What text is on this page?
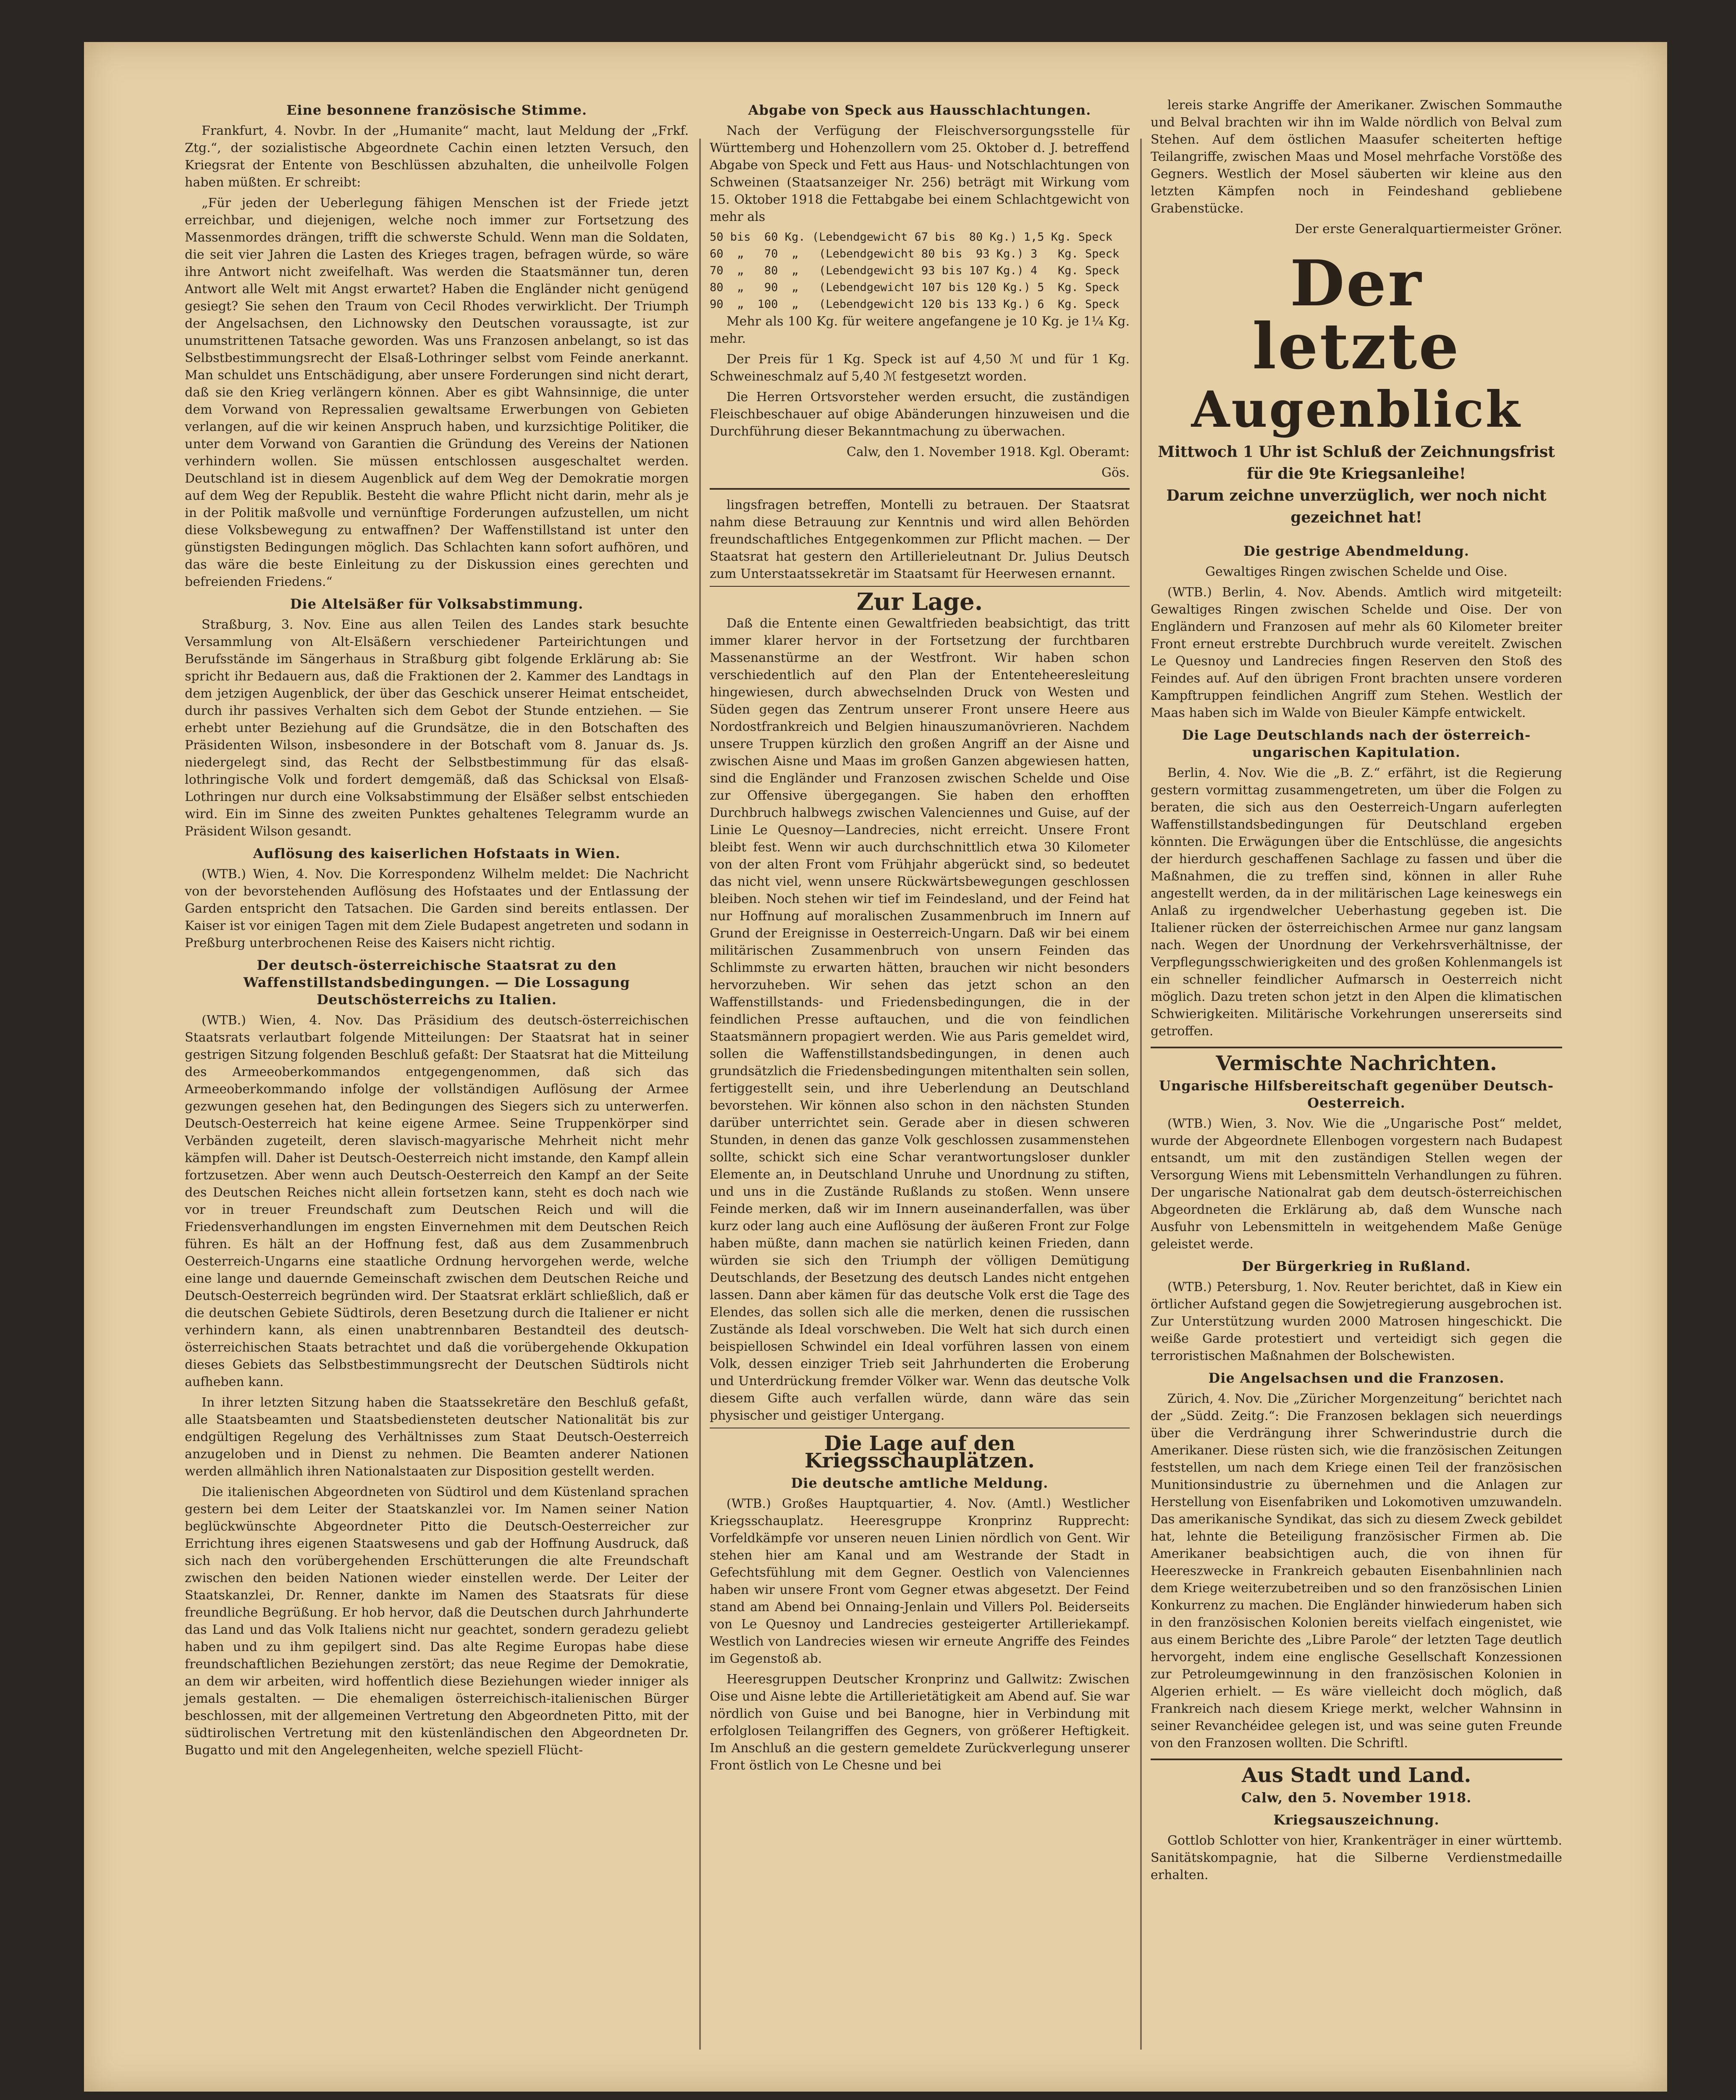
Eine besonnene französische Stimme.

Frankfurt, 4. Novbr. In der „Humanite“ macht, laut Meldung der „Frkf. Ztg.“, der sozialistische Abgeordnete Cachin einen letzten Versuch, den Kriegsrat der Entente von Beschlüssen abzuhalten, die unheilvolle Folgen haben müßten. Er schreibt:

„Für jeden der Ueberlegung fähigen Menschen ist der Friede jetzt erreichbar, und diejenigen, welche noch immer zur Fortsetzung des Massenmordes drängen, trifft die schwerste Schuld. Wenn man die Soldaten, die seit vier Jahren die Lasten des Krieges tragen, befragen würde, so wäre ihre Antwort nicht zweifelhaft. Was werden die Staatsmänner tun, deren Antwort alle Welt mit Angst erwartet? Haben die Engländer nicht genügend gesiegt? Sie sehen den Traum von Cecil Rhodes verwirklicht. Der Triumph der Angelsachsen, den Lichnowsky den Deutschen voraussagte, ist zur unumstrittenen Tatsache geworden. Was uns Franzosen anbelangt, so ist das Selbstbestimmungsrecht der Elsaß-Lothringer selbst vom Feinde anerkannt. Man schuldet uns Entschädigung, aber unsere Forderungen sind nicht derart, daß sie den Krieg verlängern können. Aber es gibt Wahnsinnige, die unter dem Vorwand von Repressalien gewaltsame Erwerbungen von Gebieten verlangen, auf die wir keinen Anspruch haben, und kurzsichtige Politiker, die unter dem Vorwand von Garantien die Gründung des Vereins der Nationen verhindern wollen. Sie müssen entschlossen ausgeschaltet werden. Deutschland ist in diesem Augenblick auf dem Weg der Demokratie morgen auf dem Weg der Republik. Besteht die wahre Pflicht nicht darin, mehr als je in der Politik maßvolle und vernünftige Forderungen aufzustellen, um nicht diese Volksbewegung zu entwaffnen? Der Waffenstillstand ist unter den günstigsten Bedingungen möglich. Das Schlachten kann sofort aufhören, und das wäre die beste Einleitung zu der Diskussion eines gerechten und befreienden Friedens.“

Die Altelsäßer für Volksabstimmung.

Straßburg, 3. Nov. Eine aus allen Teilen des Landes stark besuchte Versammlung von Alt-Elsäßern verschiedener Parteirichtungen und Berufsstände im Sängerhaus in Straßburg gibt folgende Erklärung ab: Sie spricht ihr Bedauern aus, daß die Fraktionen der 2. Kammer des Landtags in dem jetzigen Augenblick, der über das Geschick unserer Heimat entscheidet, durch ihr passives Verhalten sich dem Gebot der Stunde entziehen. — Sie erhebt unter Beziehung auf die Grundsätze, die in den Botschaften des Präsidenten Wilson, insbesondere in der Botschaft vom 8. Januar ds. Js. niedergelegt sind, das Recht der Selbstbestimmung für das elsaß-lothringische Volk und fordert demgemäß, daß das Schicksal von Elsaß-Lothringen nur durch eine Volksabstimmung der Elsäßer selbst entschieden wird. Ein im Sinne des zweiten Punktes gehaltenes Telegramm wurde an Präsident Wilson gesandt.

Auflösung des kaiserlichen Hofstaats in Wien.

(WTB.) Wien, 4. Nov. Die Korrespondenz Wilhelm meldet: Die Nachricht von der bevorstehenden Auflösung des Hofstaates und der Entlassung der Garden entspricht den Tatsachen. Die Garden sind bereits entlassen. Der Kaiser ist vor einigen Tagen mit dem Ziele Budapest angetreten und sodann in Preßburg unterbrochenen Reise des Kaisers nicht richtig.

Der deutsch-österreichische Staatsrat zu den Waffenstillstandsbedingungen. — Die Lossagung Deutschösterreichs zu Italien.

(WTB.) Wien, 4. Nov. Das Präsidium des deutsch-österreichischen Staatsrats verlautbart folgende Mitteilungen: Der Staatsrat hat in seiner gestrigen Sitzung folgenden Beschluß gefaßt: Der Staatsrat hat die Mitteilung des Armeeoberkommandos entgegengenommen, daß sich das Armeeoberkommando infolge der vollständigen Auflösung der Armee gezwungen gesehen hat, den Bedingungen des Siegers sich zu unterwerfen. Deutsch-Oesterreich hat keine eigene Armee. Seine Truppenkörper sind Verbänden zugeteilt, deren slavisch-magyarische Mehrheit nicht mehr kämpfen will. Daher ist Deutsch-Oesterreich nicht imstande, den Kampf allein fortzusetzen. Aber wenn auch Deutsch-Oesterreich den Kampf an der Seite des Deutschen Reiches nicht allein fortsetzen kann, steht es doch nach wie vor in treuer Freundschaft zum Deutschen Reich und will die Friedensverhandlungen im engsten Einvernehmen mit dem Deutschen Reich führen. Es hält an der Hoffnung fest, daß aus dem Zusammenbruch Oesterreich-Ungarns eine staatliche Ordnung hervorgehen werde, welche eine lange und dauernde Gemeinschaft zwischen dem Deutschen Reiche und Deutsch-Oesterreich begründen wird. Der Staatsrat erklärt schließlich, daß er die deutschen Gebiete Südtirols, deren Besetzung durch die Italiener er nicht verhindern kann, als einen unabtrennbaren Bestandteil des deutsch-österreichischen Staats betrachtet und daß die vorübergehende Okkupation dieses Gebiets das Selbstbestimmungsrecht der Deutschen Südtirols nicht aufheben kann.

In ihrer letzten Sitzung haben die Staatssekretäre den Beschluß gefaßt, alle Staatsbeamten und Staatsbediensteten deutscher Nationalität bis zur endgültigen Regelung des Verhältnisses zum Staat Deutsch-Oesterreich anzugeloben und in Dienst zu nehmen. Die Beamten anderer Nationen werden allmählich ihren Nationalstaaten zur Disposition gestellt werden.

Die italienischen Abgeordneten von Südtirol und dem Küstenland sprachen gestern bei dem Leiter der Staatskanzlei vor. Im Namen seiner Nation beglückwünschte Abgeordneter Pitto die Deutsch-Oesterreicher zur Errichtung ihres eigenen Staatswesens und gab der Hoffnung Ausdruck, daß sich nach den vorübergehenden Erschütterungen die alte Freundschaft zwischen den beiden Nationen wieder einstellen werde. Der Leiter der Staatskanzlei, Dr. Renner, dankte im Namen des Staatsrats für diese freundliche Begrüßung. Er hob hervor, daß die Deutschen durch Jahrhunderte das Land und das Volk Italiens nicht nur geachtet, sondern geradezu geliebt haben und zu ihm gepilgert sind. Das alte Regime Europas habe diese freundschaftlichen Beziehungen zerstört; das neue Regime der Demokratie, an dem wir arbeiten, wird hoffentlich diese Beziehungen wieder inniger als jemals gestalten. — Die ehemaligen österreichisch-italienischen Bürger beschlossen, mit der allgemeinen Vertretung den Abgeordneten Pitto, mit der südtirolischen Vertretung mit den küstenländischen den Abgeordneten Dr. Bugatto und mit den Angelegenheiten, welche speziell Flücht-

Abgabe von Speck aus Hausschlachtungen.

Nach der Verfügung der Fleischversorgungsstelle für Württemberg und Hohenzollern vom 25. Oktober d. J. betreffend Abgabe von Speck und Fett aus Haus- und Notschlachtungen von Schweinen (Staatsanzeiger Nr. 256) beträgt mit Wirkung vom 15. Oktober 1918 die Fettabgabe bei einem Schlachtgewicht von mehr als

50 bis  60 Kg. (Lebendgewicht 67 bis  80 Kg.) 1,5 Kg. Speck

60  „   70  „   (Lebendgewicht 80 bis  93 Kg.) 3   Kg. Speck

70  „   80  „   (Lebendgewicht 93 bis 107 Kg.) 4   Kg. Speck

80  „   90  „   (Lebendgewicht 107 bis 120 Kg.) 5  Kg. Speck

90  „  100  „   (Lebendgewicht 120 bis 133 Kg.) 6  Kg. Speck

Mehr als 100 Kg. für weitere angefangene je 10 Kg. je 1¼ Kg. mehr.

Der Preis für 1 Kg. Speck ist auf 4,50 ℳ und für 1 Kg. Schweineschmalz auf 5,40 ℳ festgesetzt worden.

Die Herren Ortsvorsteher werden ersucht, die zuständigen Fleischbeschauer auf obige Abänderungen hinzuweisen und die Durchführung dieser Bekanntmachung zu überwachen.

Calw, den 1. November 1918. Kgl. Oberamt:

Gös.

lingsfragen betreffen, Montelli zu betrauen. Der Staatsrat nahm diese Betrauung zur Kenntnis und wird allen Behörden freundschaftliches Entgegenkommen zur Pflicht machen. — Der Staatsrat hat gestern den Artillerieleutnant Dr. Julius Deutsch zum Unterstaatssekretär im Staatsamt für Heerwesen ernannt.

Zur Lage.

Daß die Entente einen Gewaltfrieden beabsichtigt, das tritt immer klarer hervor in der Fortsetzung der furchtbaren Massenanstürme an der Westfront. Wir haben schon verschiedentlich auf den Plan der Ententeheeresleitung hingewiesen, durch abwechselnden Druck von Westen und Süden gegen das Zentrum unserer Front unsere Heere aus Nordostfrankreich und Belgien hinauszumanövrieren. Nachdem unsere Truppen kürzlich den großen Angriff an der Aisne und zwischen Aisne und Maas im großen Ganzen abgewiesen hatten, sind die Engländer und Franzosen zwischen Schelde und Oise zur Offensive übergegangen. Sie haben den erhofften Durchbruch halbwegs zwischen Valenciennes und Guise, auf der Linie Le Quesnoy—Landrecies, nicht erreicht. Unsere Front bleibt fest. Wenn wir auch durchschnittlich etwa 30 Kilometer von der alten Front vom Frühjahr abgerückt sind, so bedeutet das nicht viel, wenn unsere Rückwärtsbewegungen geschlossen bleiben. Noch stehen wir tief im Feindesland, und der Feind hat nur Hoffnung auf moralischen Zusammenbruch im Innern auf Grund der Ereignisse in Oesterreich-Ungarn. Daß wir bei einem militärischen Zusammenbruch von unsern Feinden das Schlimmste zu erwarten hätten, brauchen wir nicht besonders hervorzuheben. Wir sehen das jetzt schon an den Waffenstillstands- und Friedensbedingungen, die in der feindlichen Presse auftauchen, und die von feindlichen Staatsmännern propagiert werden. Wie aus Paris gemeldet wird, sollen die Waffenstillstandsbedingungen, in denen auch grundsätzlich die Friedensbedingungen mitenthalten sein sollen, fertiggestellt sein, und ihre Ueberlendung an Deutschland bevorstehen. Wir können also schon in den nächsten Stunden darüber unterrichtet sein. Gerade aber in diesen schweren Stunden, in denen das ganze Volk geschlossen zusammenstehen sollte, schickt sich eine Schar verantwortungsloser dunkler Elemente an, in Deutschland Unruhe und Unordnung zu stiften, und uns in die Zustände Rußlands zu stoßen. Wenn unsere Feinde merken, daß wir im Innern auseinanderfallen, was über kurz oder lang auch eine Auflösung der äußeren Front zur Folge haben müßte, dann machen sie natürlich keinen Frieden, dann würden sie sich den Triumph der völligen Demütigung Deutschlands, der Besetzung des deutsch Landes nicht entgehen lassen. Dann aber kämen für das deutsche Volk erst die Tage des Elendes, das sollen sich alle die merken, denen die russischen Zustände als Ideal vorschweben. Die Welt hat sich durch einen beispiellosen Schwindel ein Ideal vorführen lassen von einem Volk, dessen einziger Trieb seit Jahrhunderten die Eroberung und Unterdrückung fremder Völker war. Wenn das deutsche Volk diesem Gifte auch verfallen würde, dann wäre das sein physischer und geistiger Untergang.

Die Lage auf den Kriegsschauplätzen.
Die deutsche amtliche Meldung.

(WTB.) Großes Hauptquartier, 4. Nov. (Amtl.) Westlicher Kriegsschauplatz. Heeresgruppe Kronprinz Rupprecht: Vorfeldkämpfe vor unseren neuen Linien nördlich von Gent. Wir stehen hier am Kanal und am Westrande der Stadt in Gefechtsfühlung mit dem Gegner. Oestlich von Valenciennes haben wir unsere Front vom Gegner etwas abgesetzt. Der Feind stand am Abend bei Onnaing-Jenlain und Villers Pol. Beiderseits von Le Quesnoy und Landrecies gesteigerter Artilleriekampf. Westlich von Landrecies wiesen wir erneute Angriffe des Feindes im Gegenstoß ab.

Heeresgruppen Deutscher Kronprinz und Gallwitz: Zwischen Oise und Aisne lebte die Artillerietätigkeit am Abend auf. Sie war nördlich von Guise und bei Banogne, hier in Verbindung mit erfolglosen Teilangriffen des Gegners, von größerer Heftigkeit. Im Anschluß an die gestern gemeldete Zurückverlegung unserer Front östlich von Le Chesne und bei

lereis starke Angriffe der Amerikaner. Zwischen Sommauthe und Belval brachten wir ihn im Walde nördlich von Belval zum Stehen. Auf dem östlichen Maasufer scheiterten heftige Teilangriffe, zwischen Maas und Mosel mehrfache Vorstöße des Gegners. Westlich der Mosel säuberten wir kleine aus den letzten Kämpfen noch in Feindeshand gebliebene Grabenstücke.

Der erste Generalquartiermeister Gröner.

Der
letzte
Augenblick
Mittwoch 1 Uhr ist Schluß der Zeichnungsfrist für die 9te Kriegsanleihe!
Darum zeichne unverzüglich, wer noch nicht gezeichnet hat!
Die gestrige Abendmeldung.

Gewaltiges Ringen zwischen Schelde und Oise.

(WTB.) Berlin, 4. Nov. Abends. Amtlich wird mitgeteilt: Gewaltiges Ringen zwischen Schelde und Oise. Der von Engländern und Franzosen auf mehr als 60 Kilometer breiter Front erneut erstrebte Durchbruch wurde vereitelt. Zwischen Le Quesnoy und Landrecies fingen Reserven den Stoß des Feindes auf. Auf den übrigen Front brachten unsere vorderen Kampftruppen feindlichen Angriff zum Stehen. Westlich der Maas haben sich im Walde von Bieuler Kämpfe entwickelt.

Die Lage Deutschlands nach der österreich-ungarischen Kapitulation.

Berlin, 4. Nov. Wie die „B. Z.“ erfährt, ist die Regierung gestern vormittag zusammengetreten, um über die Folgen zu beraten, die sich aus den Oesterreich-Ungarn auferlegten Waffenstillstandsbedingungen für Deutschland ergeben könnten. Die Erwägungen über die Entschlüsse, die angesichts der hierdurch geschaffenen Sachlage zu fassen und über die Maßnahmen, die zu treffen sind, können in aller Ruhe angestellt werden, da in der militärischen Lage keineswegs ein Anlaß zu irgendwelcher Ueberhastung gegeben ist. Die Italiener rücken der österreichischen Armee nur ganz langsam nach. Wegen der Unordnung der Verkehrsverhältnisse, der Verpflegungsschwierigkeiten und des großen Kohlenmangels ist ein schneller feindlicher Aufmarsch in Oesterreich nicht möglich. Dazu treten schon jetzt in den Alpen die klimatischen Schwierigkeiten. Militärische Vorkehrungen unsererseits sind getroffen.

Vermischte Nachrichten.
Ungarische Hilfsbereitschaft gegenüber Deutsch-Oesterreich.

(WTB.) Wien, 3. Nov. Wie die „Ungarische Post“ meldet, wurde der Abgeordnete Ellenbogen vorgestern nach Budapest entsandt, um mit den zuständigen Stellen wegen der Versorgung Wiens mit Lebensmitteln Verhandlungen zu führen. Der ungarische Nationalrat gab dem deutsch-österreichischen Abgeordneten die Erklärung ab, daß dem Wunsche nach Ausfuhr von Lebensmitteln in weitgehendem Maße Genüge geleistet werde.

Der Bürgerkrieg in Rußland.

(WTB.) Petersburg, 1. Nov. Reuter berichtet, daß in Kiew ein örtlicher Aufstand gegen die Sowjetregierung ausgebrochen ist. Zur Unterstützung wurden 2000 Matrosen hingeschickt. Die weiße Garde protestiert und verteidigt sich gegen die terroristischen Maßnahmen der Bolschewisten.

Die Angelsachsen und die Franzosen.

Zürich, 4. Nov. Die „Züricher Morgenzeitung“ berichtet nach der „Südd. Zeitg.“: Die Franzosen beklagen sich neuerdings über die Verdrängung ihrer Schwerindustrie durch die Amerikaner. Diese rüsten sich, wie die französischen Zeitungen feststellen, um nach dem Kriege einen Teil der französischen Munitionsindustrie zu übernehmen und die Anlagen zur Herstellung von Eisenfabriken und Lokomotiven umzuwandeln. Das amerikanische Syndikat, das sich zu diesem Zweck gebildet hat, lehnte die Beteiligung französischer Firmen ab. Die Amerikaner beabsichtigen auch, die von ihnen für Heereszwecke in Frankreich gebauten Eisenbahnlinien nach dem Kriege weiterzubetreiben und so den französischen Linien Konkurrenz zu machen. Die Engländer hinwiederum haben sich in den französischen Kolonien bereits vielfach eingenistet, wie aus einem Berichte des „Libre Parole“ der letzten Tage deutlich hervorgeht, indem eine englische Gesellschaft Konzessionen zur Petroleumgewinnung in den französischen Kolonien in Algerien erhielt. — Es wäre vielleicht doch möglich, daß Frankreich nach diesem Kriege merkt, welcher Wahnsinn in seiner Revanchéidee gelegen ist, und was seine guten Freunde von den Franzosen wollten. Die Schriftl.

Aus Stadt und Land.
Calw, den 5. November 1918.
Kriegsauszeichnung.

Gottlob Schlotter von hier, Krankenträger in einer württemb. Sanitätskompagnie, hat die Silberne Verdienstmedaille erhalten.
